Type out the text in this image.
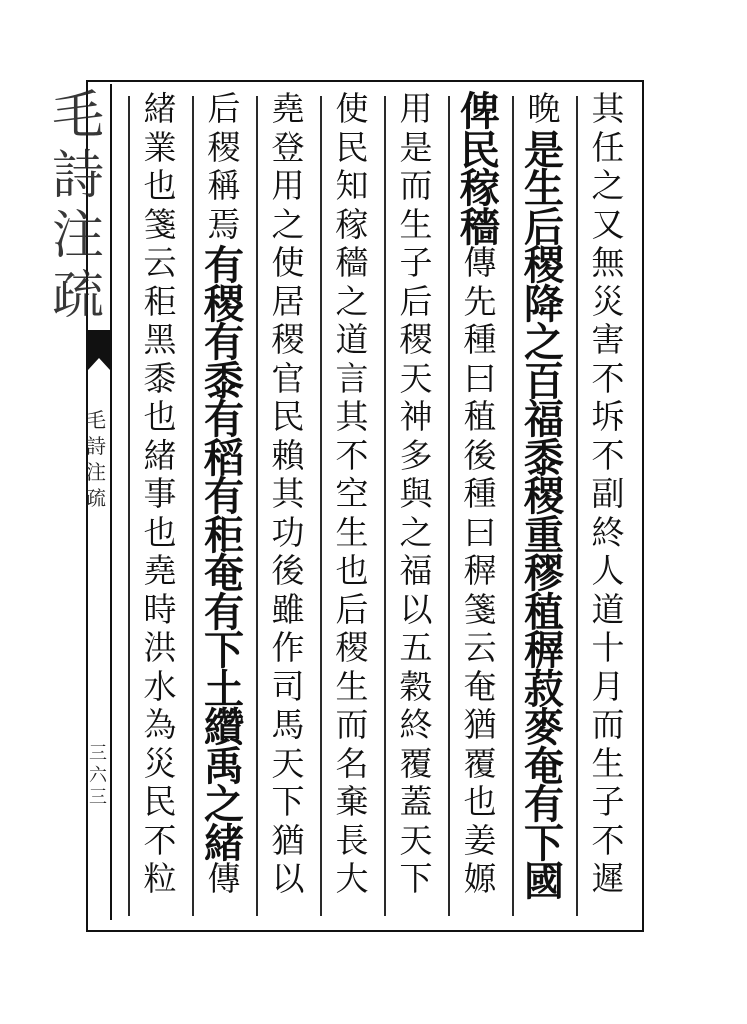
毛
詩
注
疏
毛
詩
注
疏
三
六
三
其
任
之
又
無
災
害
不
坼
不
副
終
人
道
十
月
而
生
子
不
遲
晚
是
生
后
稷
降
之
百
福
黍
稷
重
穋
稙
稺
菽
麥
奄
有
下
國
俾
民
稼
穡
傳
先
種
曰
稙
後
種
曰
稺
箋
云
奄
猶
覆
也
姜
嫄
用
是
而
生
子
后
稷
天
神
多
與
之
福
以
五
穀
終
覆
蓋
天
下
使
民
知
稼
穡
之
道
言
其
不
空
生
也
后
稷
生
而
名
棄
長
大
堯
登
用
之
使
居
稷
官
民
賴
其
功
後
雖
作
司
馬
天
下
猶
以
后
稷
稱
焉
有
稷
有
黍
有
稻
有
秬
奄
有
下
土
纘
禹
之
緒
傳
緒
業
也
箋
云
秬
黑
黍
也
緒
事
也
堯
時
洪
水
為
災
民
不
粒
